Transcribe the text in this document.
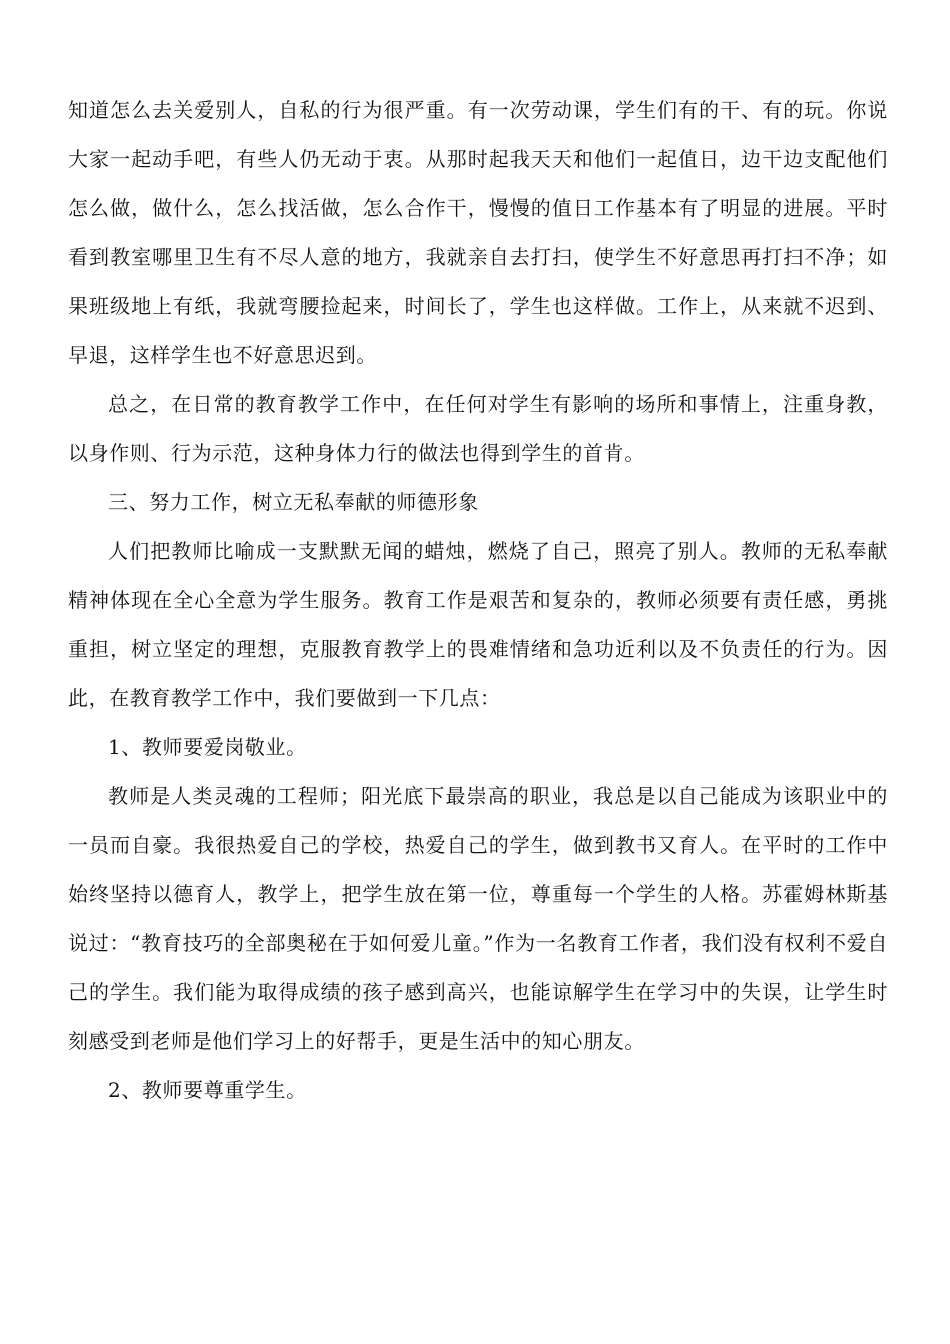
知道怎么去关爱别人，自私的行为很严重。有一次劳动课，学生们有的干、有的玩。你说大家一起动手吧，有些人仍无动于衷。从那时起我天天和他们一起值日，边干边支配他们怎么做，做什么，怎么找活做，怎么合作干，慢慢的值日工作基本有了明显的进展。平时看到教室哪里卫生有不尽人意的地方，我就亲自去打扫，使学生不好意思再打扫不净；如果班级地上有纸，我就弯腰捡起来，时间长了，学生也这样做。工作上，从来就不迟到、早退，这样学生也不好意思迟到。

总之，在日常的教育教学工作中，在任何对学生有影响的场所和事情上，注重身教，以身作则、行为示范，这种身体力行的做法也得到学生的首肯。

三、努力工作，树立无私奉献的师德形象

人们把教师比喻成一支默默无闻的蜡烛，燃烧了自己，照亮了别人。教师的无私奉献精神体现在全心全意为学生服务。教育工作是艰苦和复杂的，教师必须要有责任感，勇挑重担，树立坚定的理想，克服教育教学上的畏难情绪和急功近利以及不负责任的行为。因此，在教育教学工作中，我们要做到一下几点：

1、教师要爱岗敬业。

教师是人类灵魂的工程师；阳光底下最崇高的职业，我总是以自己能成为该职业中的一员而自豪。我很热爱自己的学校，热爱自己的学生，做到教书又育人。在平时的工作中始终坚持以德育人，教学上，把学生放在第一位，尊重每一个学生的人格。苏霍姆林斯基说过：“教育技巧的全部奥秘在于如何爱儿童。”作为一名教育工作者，我们没有权利不爱自己的学生。我们能为取得成绩的孩子感到高兴，也能谅解学生在学习中的失误，让学生时刻感受到老师是他们学习上的好帮手，更是生活中的知心朋友。

2、教师要尊重学生。
